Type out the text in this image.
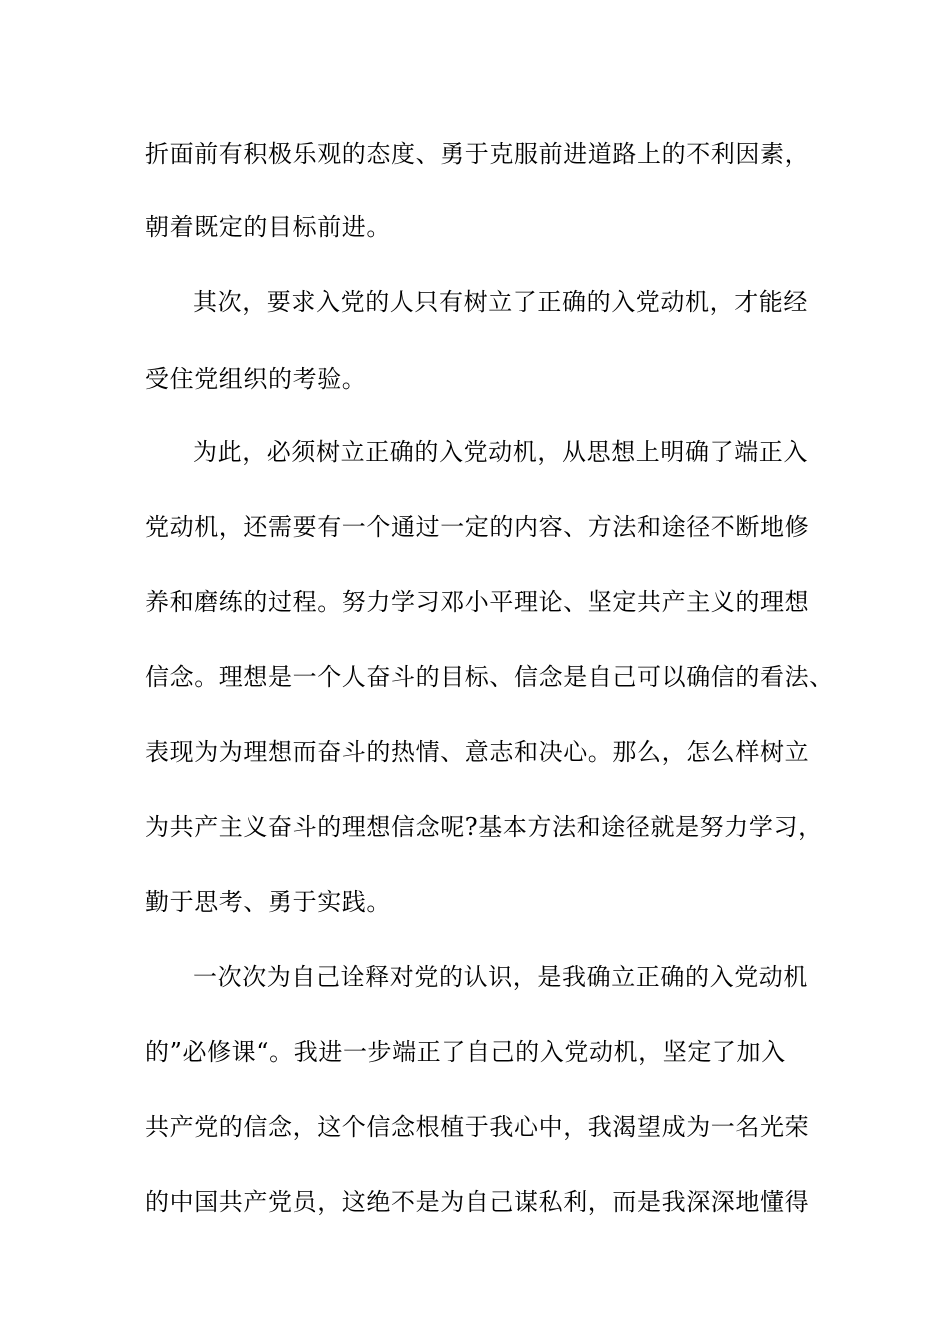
折面前有积极乐观的态度、勇于克服前进道路上的不利因素，
朝着既定的目标前进。
其次，要求入党的人只有树立了正确的入党动机，才能经
受住党组织的考验。
为此，必须树立正确的入党动机，从思想上明确了端正入
党动机，还需要有一个通过一定的内容、方法和途径不断地修
养和磨练的过程。努力学习邓小平理论、坚定共产主义的理想
信念。理想是一个人奋斗的目标、信念是自己可以确信的看法、
表现为为理想而奋斗的热情、意志和决心。那么，怎么样树立
为共产主义奋斗的理想信念呢?基本方法和途径就是努力学习，
勤于思考、勇于实践。
一次次为自己诠释对党的认识，是我确立正确的入党动机
的”必修课“。我进一步端正了自己的入党动机，坚定了加入
共产党的信念，这个信念根植于我心中，我渴望成为一名光荣
的中国共产党员，这绝不是为自己谋私利，而是我深深地懂得
